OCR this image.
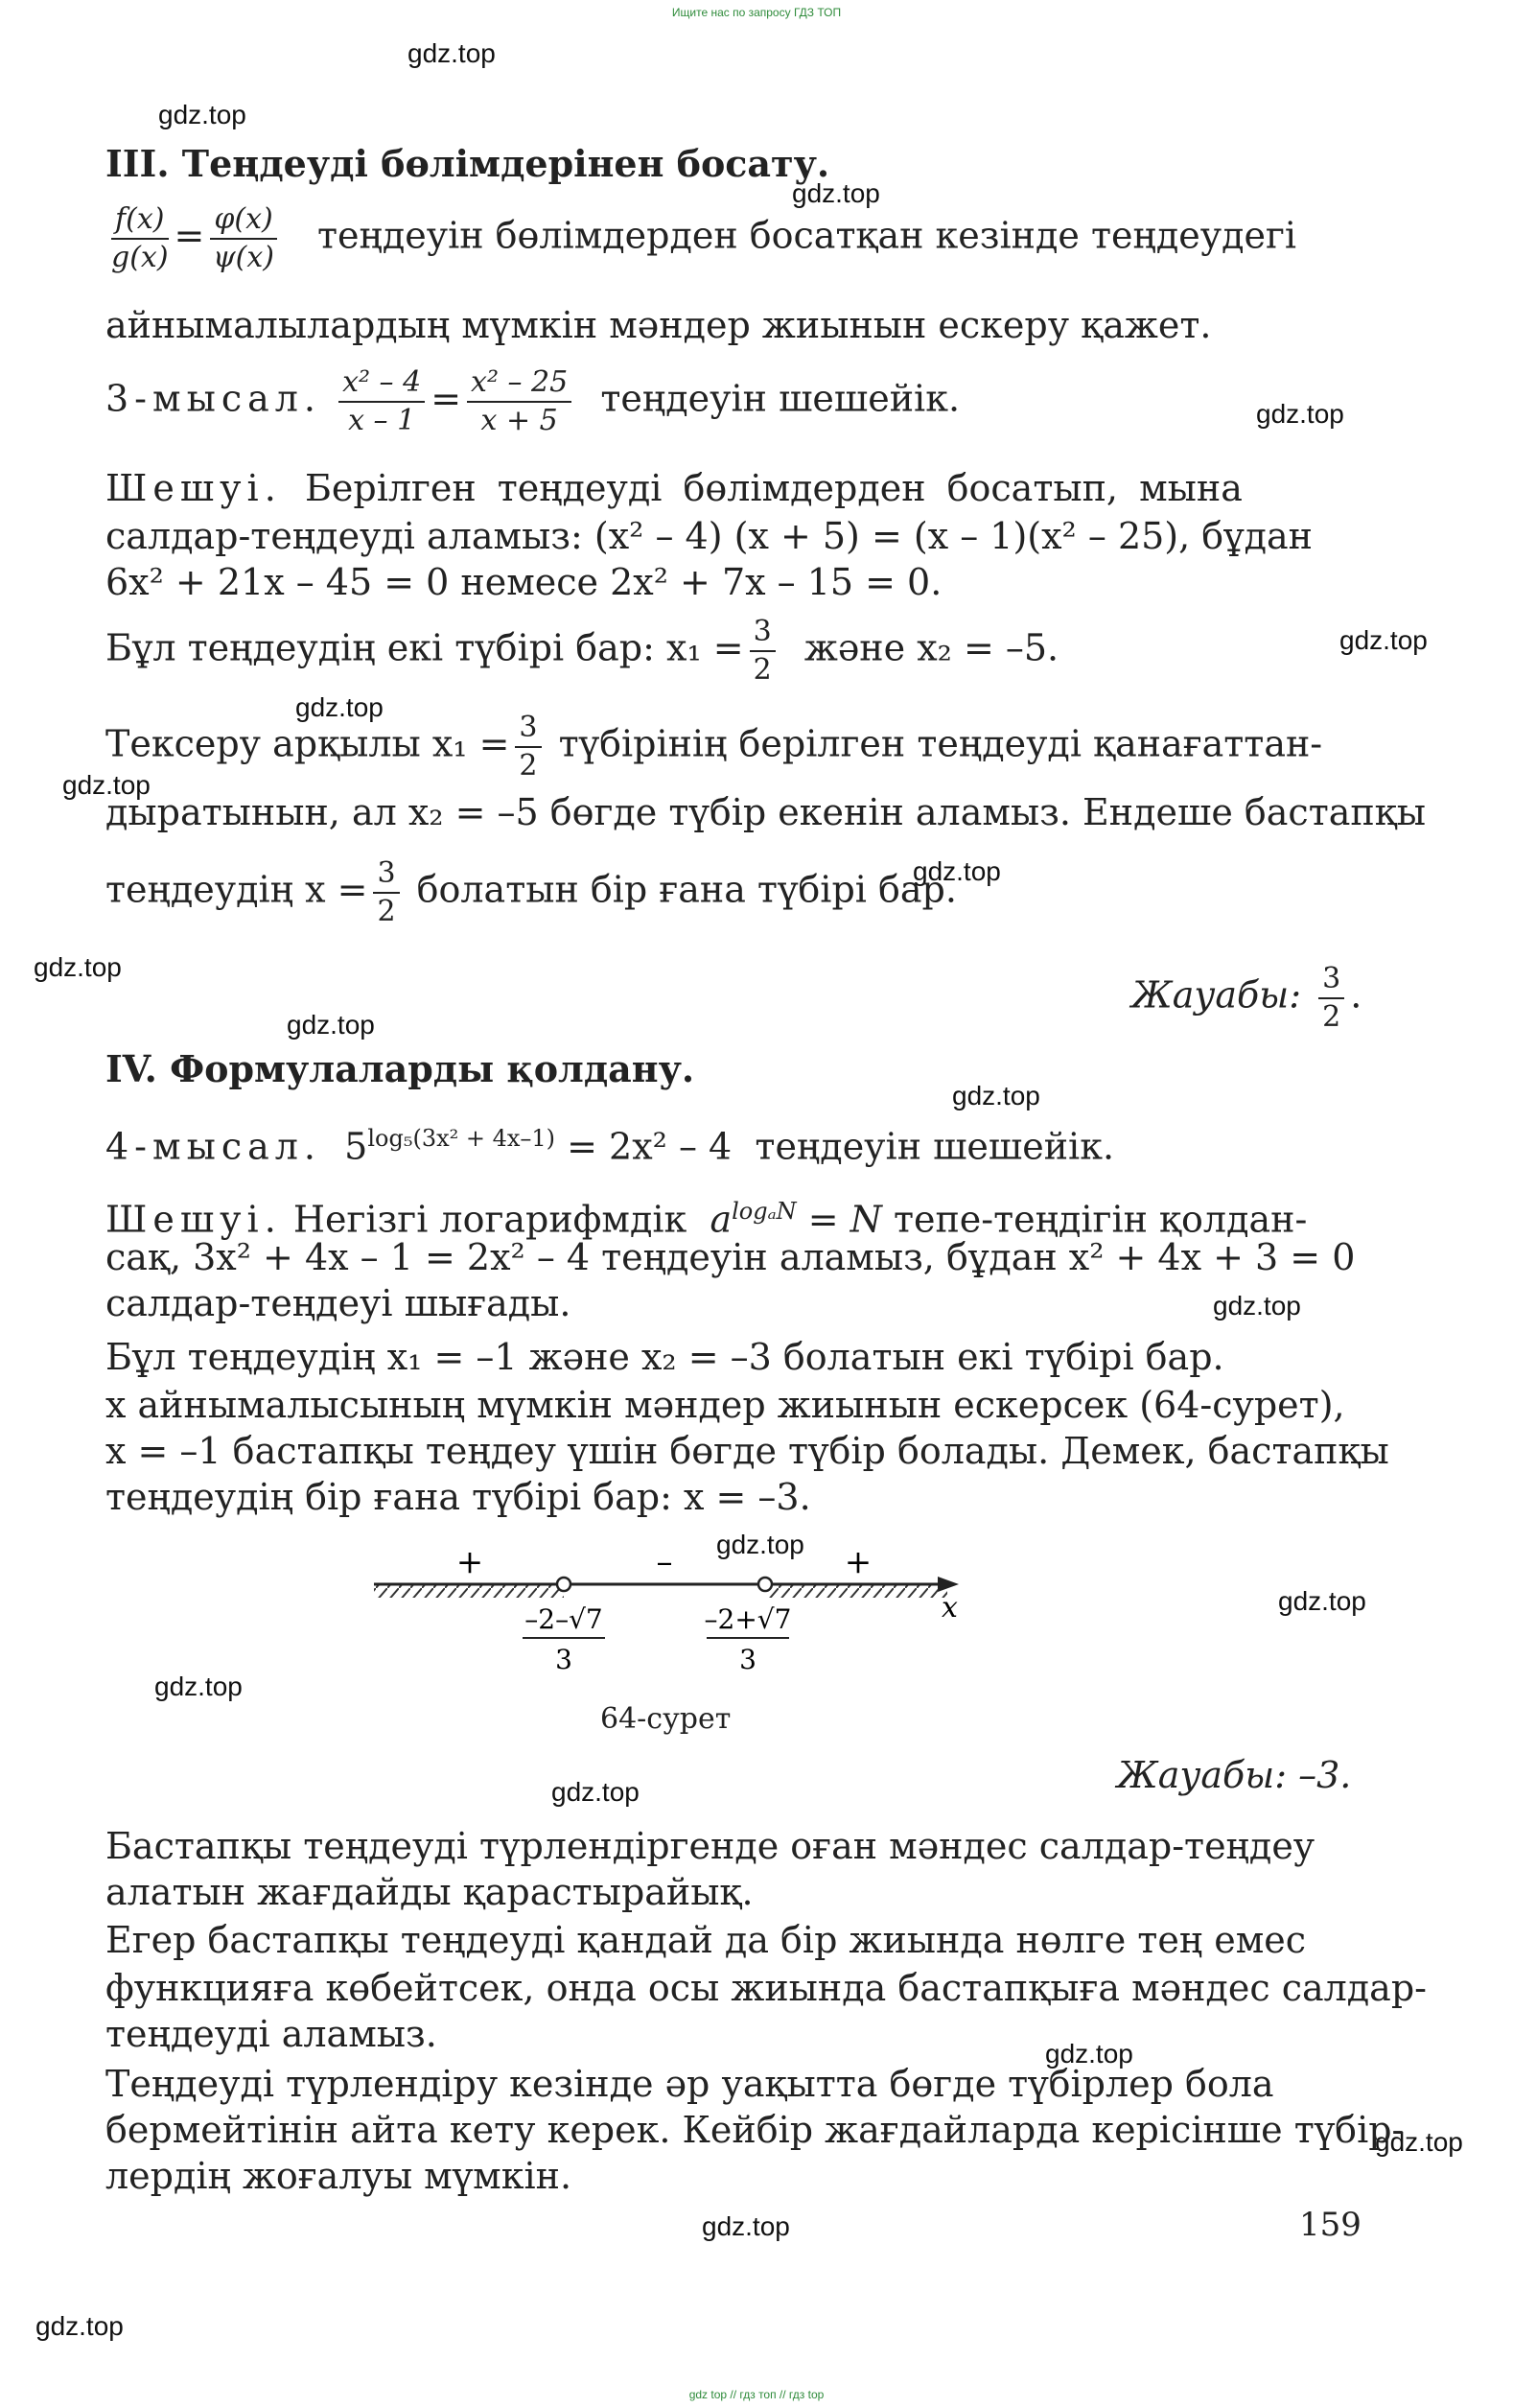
Ищите нас по запросу ГДЗ ТОП
gdz.top
gdz.top
gdz.top
gdz.top
gdz.top
gdz.top
gdz.top
gdz.top
gdz.top
gdz.top
gdz.top
gdz.top
gdz.top
gdz.top
gdz.top
gdz.top
gdz.top
gdz.top
gdz.top
gdz.top
III. Теңдеуді бөлімдерінен босату.
$\frac{f(x)}{g(x)} = \frac{\varphi(x)}{\psi(x)}$ теңдеуін бөлімдерден босатқан кезінде теңдеудегі
айнымалылардың мүмкін мәндер жиынын ескеру қажет.
3-мысал. $\frac{\text{x² – 4}}{x - 1} = \frac{\text{x² – 25}}{x + 5}$ теңдеуін шешейік.
Шешуі. Берілген теңдеуді бөлімдерден босатып, мына
салдар-теңдеуді аламыз: (x² – 4) (x + 5) = (x – 1)(x² – 25), бұдан
6x² + 21x – 45 = 0 немесе 2x² + 7x – 15 = 0.
Бұл теңдеудің екі түбірі бар: $x_1 = \frac{3}{2}$ және x₂ = –5.
Тексеру арқылы $x_1 = \frac{3}{2}$ түбірінің берілген теңдеуді қанағаттан-
дыратынын, ал x₂ = –5 бөгде түбір екенін аламыз. Ендеше бастапқы
теңдеудің $x = \frac{3}{2}$ болатын бір ғана түбірі бар.
Жауабы: $\frac{3}{2}$ .
IV. Формулаларды қолдану.
4-мысал. $5^{log_5(3x^2 + 4x-1)} = 2x^2 - 4$ теңдеуін шешейік.
Шешуі. Негізгі логарифмдік $a^{log_aN} = N$ тепе-теңдігін қолдан-
сақ, 3x² + 4x – 1 = 2x² – 4 теңдеуін аламыз, бұдан x² + 4x + 3 = 0
салдар-теңдеуі шығады.
Бұл теңдеудің x₁ = –1 және x₂ = –3 болатын екі түбірі бар.
x айнымалысының мүмкін мәндер жиынын ескерсек (64-сурет),
x = –1 бастапқы теңдеу үшін бөгде түбір болады. Демек, бастапқы
теңдеудің бір ғана түбірі бар: x = –3.
+	–	+
x
–2–√7
3
–2+√7
3
64-сурет
Жауабы: –3.
Бастапқы теңдеуді түрлендіргенде оған мәндес салдар-теңдеу
алатын жағдайды қарастырайық.
Егер бастапқы теңдеуді қандай да бір жиында нөлге тең емес
функцияға көбейтсек, онда осы жиында бастапқыға мәндес салдар-
теңдеуді аламыз.
Теңдеуді түрлендіру кезінде әр уақытта бөгде түбірлер бола
бермейтінін айта кету керек. Кейбір жағдайларда керісінше түбір-
лердің жоғалуы мүмкін.
159
gdz top // гдз топ // гдз top
